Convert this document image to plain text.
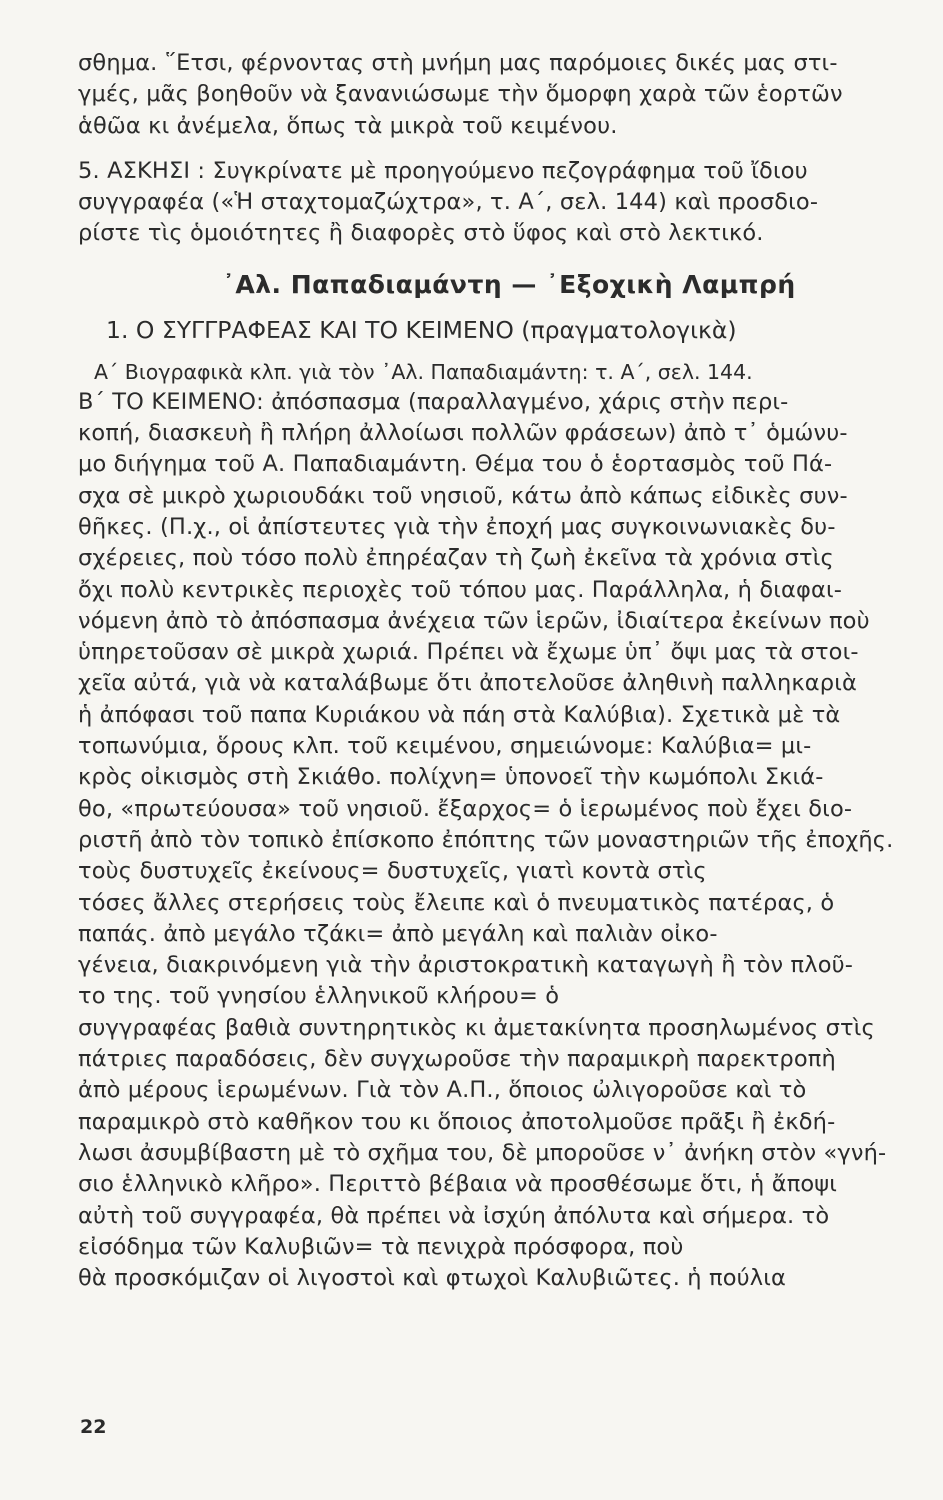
σθημα. ῞Ετσι, φέρνοντας στὴ μνήμη μας παρόμοιες δικές μας στι-
γμές, μᾶς βοηθοῦν νὰ ξανανιώσωμε τὴν ὅμορφη χαρὰ τῶν ἑορτῶν
ἁθῶα κι ἀνέμελα, ὅπως τὰ μικρὰ τοῦ κειμένου.
5. ΑΣΚΗΣΙ : Συγκρίνατε μὲ προηγούμενο πεζογράφημα τοῦ ἴδιου
συγγραφέα («Ἡ σταχτομαζώχτρα», τ. Α΄, σελ. 144) καὶ προσδιο-
ρίστε τὶς ὁμοιότητες ἢ διαφορὲς στὸ ὕφος καὶ στὸ λεκτικό.
᾽Αλ. Παπαδιαμάντη — ᾽Εξοχικὴ Λαμπρή
1. Ο ΣΥΓΓΡΑΦΕΑΣ ΚΑΙ ΤΟ ΚΕΙΜΕΝΟ (πραγματολογικὰ)
Α΄ Βιογραφικὰ κλπ. γιὰ τὸν ᾽Αλ. Παπαδιαμάντη: τ. Α΄, σελ. 144.
Β΄ ΤΟ ΚΕΙΜΕΝΟ: ἀπόσπασμα (παραλλαγμένο, χάρις στὴν περι-
κοπή, διασκευὴ ἢ πλήρη ἀλλοίωσι πολλῶν φράσεων) ἀπὸ τ᾽ ὁμώνυ-
μο διήγημα τοῦ Α. Παπαδιαμάντη. Θέμα του ὁ ἑορτασμὸς τοῦ Πά-
σχα σὲ μικρὸ χωριουδάκι τοῦ νησιοῦ, κάτω ἀπὸ κάπως εἰδικὲς συν-
θῆκες. (Π.χ., οἱ ἀπίστευτες γιὰ τὴν ἐποχή μας συγκοινωνιακὲς δυ-
σχέρειες, ποὺ τόσο πολὺ ἐπηρέαζαν τὴ ζωὴ ἐκεῖνα τὰ χρόνια στὶς
ὄχι πολὺ κεντρικὲς περιοχὲς τοῦ τόπου μας. Παράλληλα, ἡ διαφαι-
νόμενη ἀπὸ τὸ ἀπόσπασμα ἀνέχεια τῶν ἱερῶν, ἰδιαίτερα ἐκείνων ποὺ
ὑπηρετοῦσαν σὲ μικρὰ χωριά. Πρέπει νὰ ἔχωμε ὑπ᾽ ὄψι μας τὰ στοι-
χεῖα αὐτά, γιὰ νὰ καταλάβωμε ὅτι ἀποτελοῦσε ἀληθινὴ παλληκαριὰ
ἡ ἀπόφασι τοῦ παπα Κυριάκου νὰ πάη στὰ Καλύβια). Σχετικὰ μὲ τὰ
τοπωνύμια, ὅρους κλπ. τοῦ κειμένου, σημειώνομε: Καλύβια= μι-
κρὸς οἰκισμὸς στὴ Σκιάθο. πολίχνη= ὑπονοεῖ τὴν κωμόπολι Σκιά-
θο, «πρωτεύουσα» τοῦ νησιοῦ. ἔξαρχος= ὁ ἱερωμένος ποὺ ἔχει διο-
ριστῆ ἀπὸ τὸν τοπικὸ ἐπίσκοπο ἐπόπτης τῶν μοναστηριῶν τῆς ἐποχῆς.
τοὺς δυστυχεῖς ἐκείνους= δυστυχεῖς, γιατὶ κοντὰ στὶς
τόσες ἄλλες στερήσεις τοὺς ἔλειπε καὶ ὁ πνευματικὸς πατέρας, ὁ
παπάς. ἀπὸ μεγάλο τζάκι= ἀπὸ μεγάλη καὶ παλιὰν οἰκο-
γένεια, διακρινόμενη γιὰ τὴν ἀριστοκρατικὴ καταγωγὴ ἢ τὸν πλοῦ-
το της. τοῦ γνησίου ἑλληνικοῦ κλήρου= ὁ
συγγραφέας βαθιὰ συντηρητικὸς κι ἀμετακίνητα προσηλωμένος στὶς
πάτριες παραδόσεις, δὲν συγχωροῦσε τὴν παραμικρὴ παρεκτροπὴ
ἀπὸ μέρους ἱερωμένων. Γιὰ τὸν Α.Π., ὅποιος ὠλιγοροῦσε καὶ τὸ
παραμικρὸ στὸ καθῆκον του κι ὅποιος ἀποτολμοῦσε πρᾶξι ἢ ἐκδή-
λωσι ἀσυμβίβαστη μὲ τὸ σχῆμα του, δὲ μποροῦσε ν᾽ ἀνήκη στὸν «γνή-
σιο ἑλληνικὸ κλῆρο». Περιττὸ βέβαια νὰ προσθέσωμε ὅτι, ἡ ἄποψι
αὐτὴ τοῦ συγγραφέα, θὰ πρέπει νὰ ἰσχύη ἀπόλυτα καὶ σήμερα. τὸ
εἰσόδημα τῶν Καλυβιῶν= τὰ πενιχρὰ πρόσφορα, ποὺ
θὰ προσκόμιζαν οἱ λιγοστοὶ καὶ φτωχοὶ Καλυβιῶτες. ἡ πούλια
22
